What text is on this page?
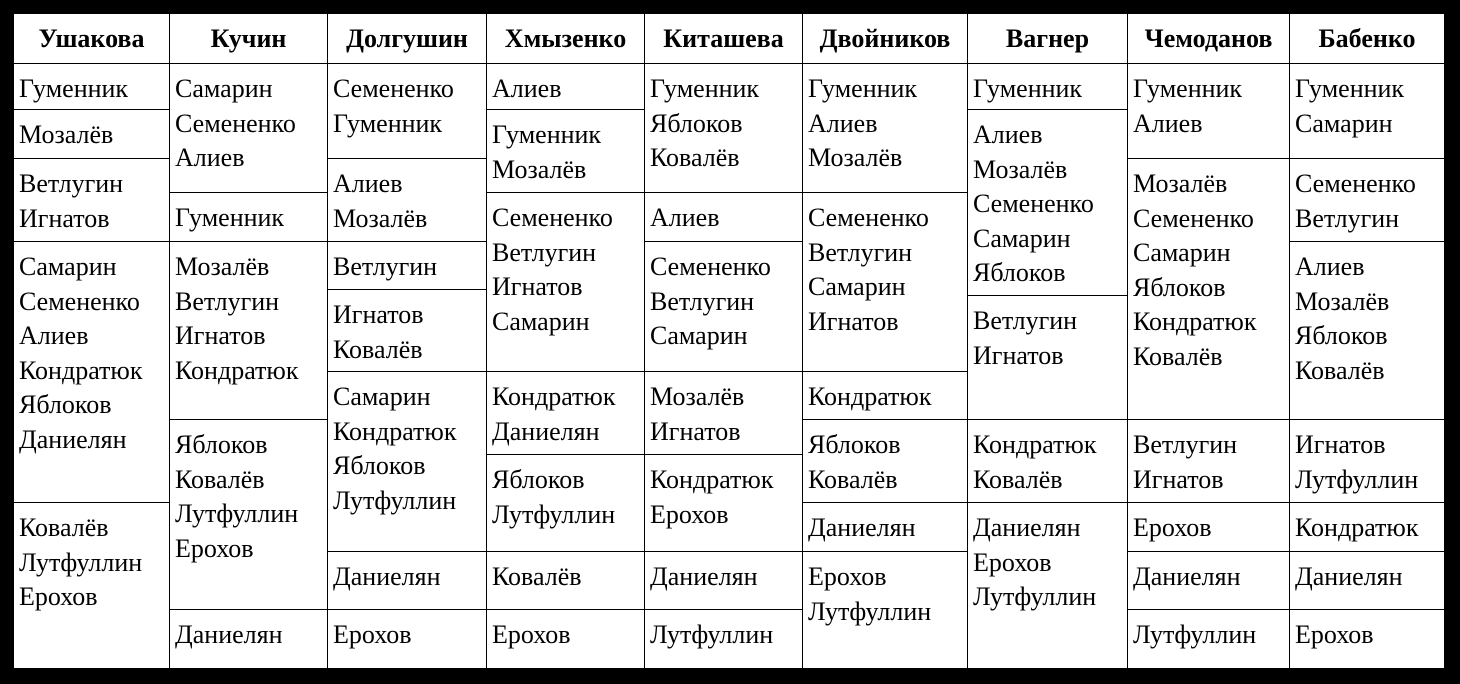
Ушакова
Гуменник
Мозалёв
Ветлугин
Игнатов
Самарин
Семененко
Алиев
Кондратюк
Яблоков
Даниелян
Ковалёв
Лутфуллин
Ерохов
Кучин
Самарин
Семененко
Алиев
Гуменник
Мозалёв
Ветлугин
Игнатов
Кондратюк
Яблоков
Ковалёв
Лутфуллин
Ерохов
Даниелян
Долгушин
Семененко
Гуменник
Алиев
Мозалёв
Ветлугин
Игнатов
Ковалёв
Самарин
Кондратюк
Яблоков
Лутфуллин
Даниелян
Ерохов
Хмызенко
Алиев
Гуменник
Мозалёв
Семененко
Ветлугин
Игнатов
Самарин
Кондратюк
Даниелян
Яблоков
Лутфуллин
Ковалёв
Ерохов
Киташева
Гуменник
Яблоков
Ковалёв
Алиев
Семененко
Ветлугин
Самарин
Мозалёв
Игнатов
Кондратюк
Ерохов
Даниелян
Лутфуллин
Двойников
Гуменник
Алиев
Мозалёв
Семененко
Ветлугин
Самарин
Игнатов
Кондратюк
Яблоков
Ковалёв
Даниелян
Ерохов
Лутфуллин
Вагнер
Гуменник
Алиев
Мозалёв
Семененко
Самарин
Яблоков
Ветлугин
Игнатов
Кондратюк
Ковалёв
Даниелян
Ерохов
Лутфуллин
Чемоданов
Гуменник
Алиев
Мозалёв
Семененко
Самарин
Яблоков
Кондратюк
Ковалёв
Ветлугин
Игнатов
Ерохов
Даниелян
Лутфуллин
Бабенко
Гуменник
Самарин
Семененко
Ветлугин
Алиев
Мозалёв
Яблоков
Ковалёв
Игнатов
Лутфуллин
Кондратюк
Даниелян
Ерохов
